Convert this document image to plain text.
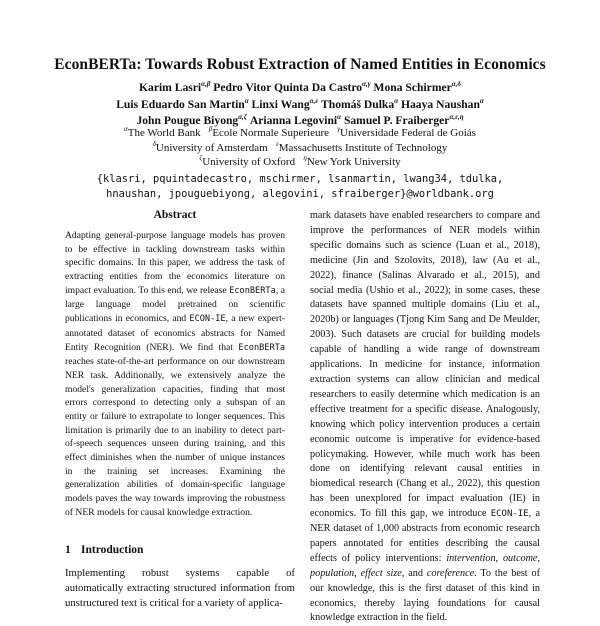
EconBERTa: Towards Robust Extraction of Named Entities in Economics
Karim Lasri$^{\alpha,\beta}$ Pedro Vitor Quinta Da Castro$^{\alpha,\gamma}$ Mona Schirmer$^{\alpha,\delta}$
Luis Eduardo San Martin$^\alpha$ Linxi Wang$^{\alpha,\varepsilon}$ Thomáš Dulka$^\alpha$ Haaya Naushan$^\alpha$
John Pougue Biyong$^{\alpha,\zeta}$ Arianna Legovini$^\alpha$ Samuel P. Fraiberger$^{\alpha,\varepsilon,\eta}$
$^\alpha$The World Bank $^\beta$Ecole Normale Superieure $^\gamma$Universidade Federal de Goiás
$^\delta$University of Amsterdam $^\varepsilon$Massachusetts Institute of Technology
$^\zeta$University of Oxford $^\eta$New York University
{klasri, pquintadecastro, mschirmer, lsanmartin, lwang34, tdulka,
hnaushan, jpouguebiyong, alegovini, sfraiberger}@worldbank.org
Abstract

Adapting general-purpose language models has proven to be effective in tackling downstream tasks within specific domains. In this paper, we address the task of extracting entities from the economics literature on impact evaluation. To this end, we release EconBERTa, a large language model pretrained on scientific publications in economics, and ECON-IE, a new expert-annotated dataset of economics abstracts for Named Entity Recognition (NER). We find that EconBERTa reaches state-of-the-art performance on our downstream NER task. Additionally, we extensively analyze the model's generalization capacities, finding that most errors correspond to detecting only a subspan of an entity or failure to extrapolate to longer sequences. This limitation is primarily due to an inability to detect part-of-speech sequences unseen during training, and this effect diminishes when the number of unique instances in the training set increases. Examining the generalization abilities of domain-specific language models paves the way towards improving the robustness of NER models for causal knowledge extraction.

1 Introduction

Implementing robust systems capable of automatically extracting structured information from unstructured text is critical for a variety of applica-

mark datasets have enabled researchers to compare and improve the performances of NER models within specific domains such as science (Luan et al., 2018), medicine (Jin and Szolovits, 2018), law (Au et al., 2022), finance (Salinas Alvarado et al., 2015), and social media (Ushio et al., 2022); in some cases, these datasets have spanned multiple domains (Liu et al., 2020b) or languages (Tjong Kim Sang and De Meulder, 2003). Such datasets are crucial for building models capable of handling a wide range of downstream applications. In medicine for instance, information extraction systems can allow clinician and medical researchers to easily determine which medication is an effective treatment for a specific disease. Analogously, knowing which policy intervention produces a certain economic outcome is imperative for evidence-based policymaking. However, while much work has been done on identifying relevant causal entities in biomedical research (Chang et al., 2022), this question has been unexplored for impact evaluation (IE) in economics. To fill this gap, we introduce ECON-IE, a NER dataset of 1,000 abstracts from economic research papers annotated for entities describing the causal effects of policy interventions: intervention, outcome, population, effect size, and coreference. To the best of our knowledge, this is the first dataset of this kind in economics, thereby laying foundations for causal knowledge extraction in the field.
